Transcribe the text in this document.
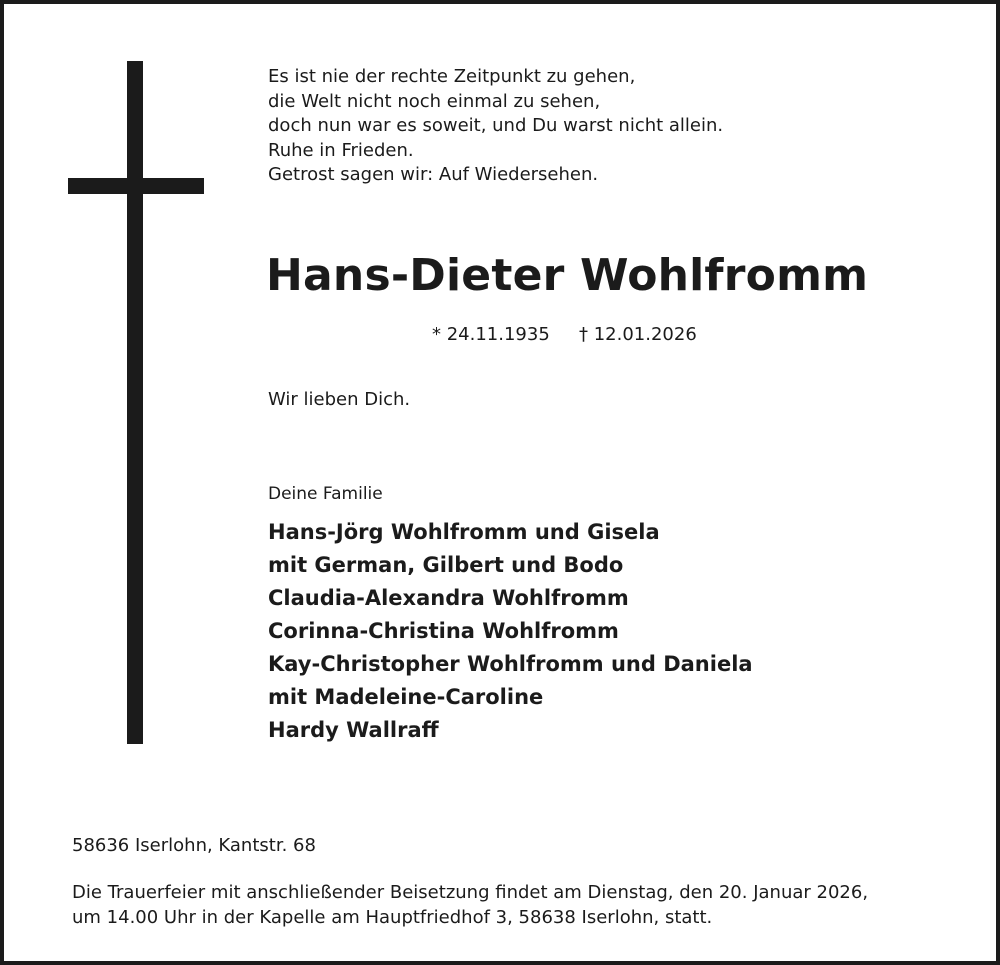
Es ist nie der rechte Zeitpunkt zu gehen,
die Welt nicht noch einmal zu sehen,
doch nun war es soweit, und Du warst nicht allein.
Ruhe in Frieden.
Getrost sagen wir: Auf Wiedersehen.
Hans-Dieter Wohlfromm
* 24.11.1935 † 12.01.2026
Wir lieben Dich.
Deine Familie
Hans-Jörg Wohlfromm und Gisela
mit German, Gilbert und Bodo
Claudia-Alexandra Wohlfromm
Corinna-Christina Wohlfromm
Kay-Christopher Wohlfromm und Daniela
mit Madeleine-Caroline
Hardy Wallraff
58636 Iserlohn, Kantstr. 68
Die Trauerfeier mit anschließender Beisetzung findet am Dienstag, den 20. Januar 2026,
um 14.00 Uhr in der Kapelle am Hauptfriedhof 3, 58638 Iserlohn, statt.
